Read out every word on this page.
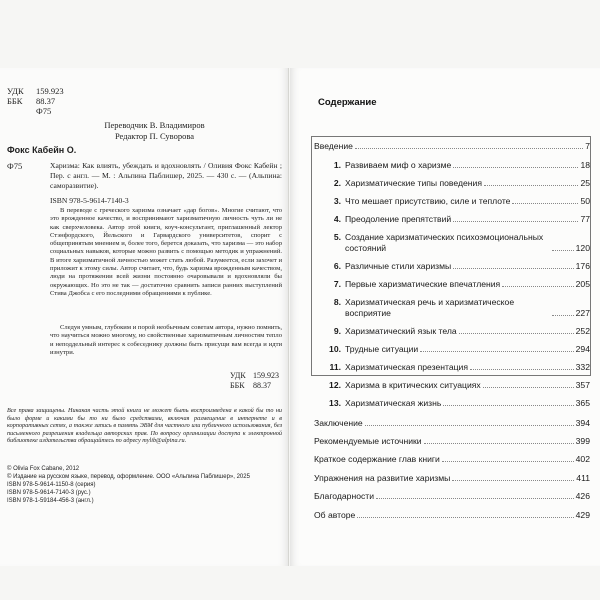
УДК	159.923
ББК	88.37
Ф75
Переводчик В. Владимиров
Редактор П. Суворова
Фокс Кабейн О.
Ф75	Харизма: Как влиять, убеждать и вдохновлять / Оливия Фокс Кабейн ; Пер. с англ. — М. : Альпина Паблишер, 2025. — 430 с. — (Альпина: саморазвитие).
ISBN 978-5-9614-7140-3
В переводе с греческого харизма означает «дар богов». Многие считают, что это врожденное качество, и воспринимают харизматичную личность чуть ли не как сверхчеловека. Автор этой книги, коуч-консультант, приглашенный лектор Стэнфордского, Йельского и Гарвардского университетов, спорит с общепринятым мнением и, более того, берется доказать, что харизма — это набор социальных навыков, которые можно развить с помощью методик и упражнений. В итоге харизматичной личностью может стать любой. Разумеется, если захочет и приложит к этому силы. Автор считает, что, будь харизма врожденным качеством, люди на протяжении всей жизни постоянно очаровывали и вдохновляли бы окружающих. Но это не так — достаточно сравнить записи ранних выступлений Стива Джобса с его последними обращениями к публике.
Следуя умным, глубоким и порой необычным советам автора, нужно помнить, что научиться можно многому, но свойственные харизматичным личностям тепло и неподдельный интерес к собеседнику должны быть присущи вам всегда и идти изнутри.
УДК 159.923
ББК	88.37
Все права защищены. Никакая часть этой книги не может быть воспроизведена в какой бы то ни было форме и какими бы то ни было средствами, включая размещение в интернете и в корпоративных сетях, а также запись в память ЭВМ для частного или публичного использования, без письменного разрешения владельца авторских прав. По вопросу организации доступа к электронной библиотеке издательства обращайтесь по адресу mylib@alpina.ru.
© Olivia Fox Cabane, 2012
© Издание на русском языке, перевод, оформление. ООО «Альпина Паблишер», 2025
ISBN 978-5-9614-1150-8 (серия)
ISBN 978-5-9614-7140-3 (рус.)
ISBN 978-1-59184-456-3 (англ.)
Содержание
Введение	7
1. Развиваем миф о харизме	18
2. Харизматические типы поведения	25
3. Что мешает присутствию, силе и теплоте	50
4. Преодоление препятствий	77
5. Создание харизматических психоэмоциональных состояний	120
6. Различные стили харизмы	176
7. Первые харизматические впечатления	205
8. Харизматическая речь и харизматическое восприятие	227
9. Харизматический язык тела	252
10. Трудные ситуации	294
11. Харизматическая презентация	332
12. Харизма в критических ситуациях	357
13. Харизматическая жизнь	365
Заключение	394
Рекомендуемые источники	399
Краткое содержание глав книги	402
Упражнения на развитие харизмы	411
Благодарности	426
Об авторе	429
